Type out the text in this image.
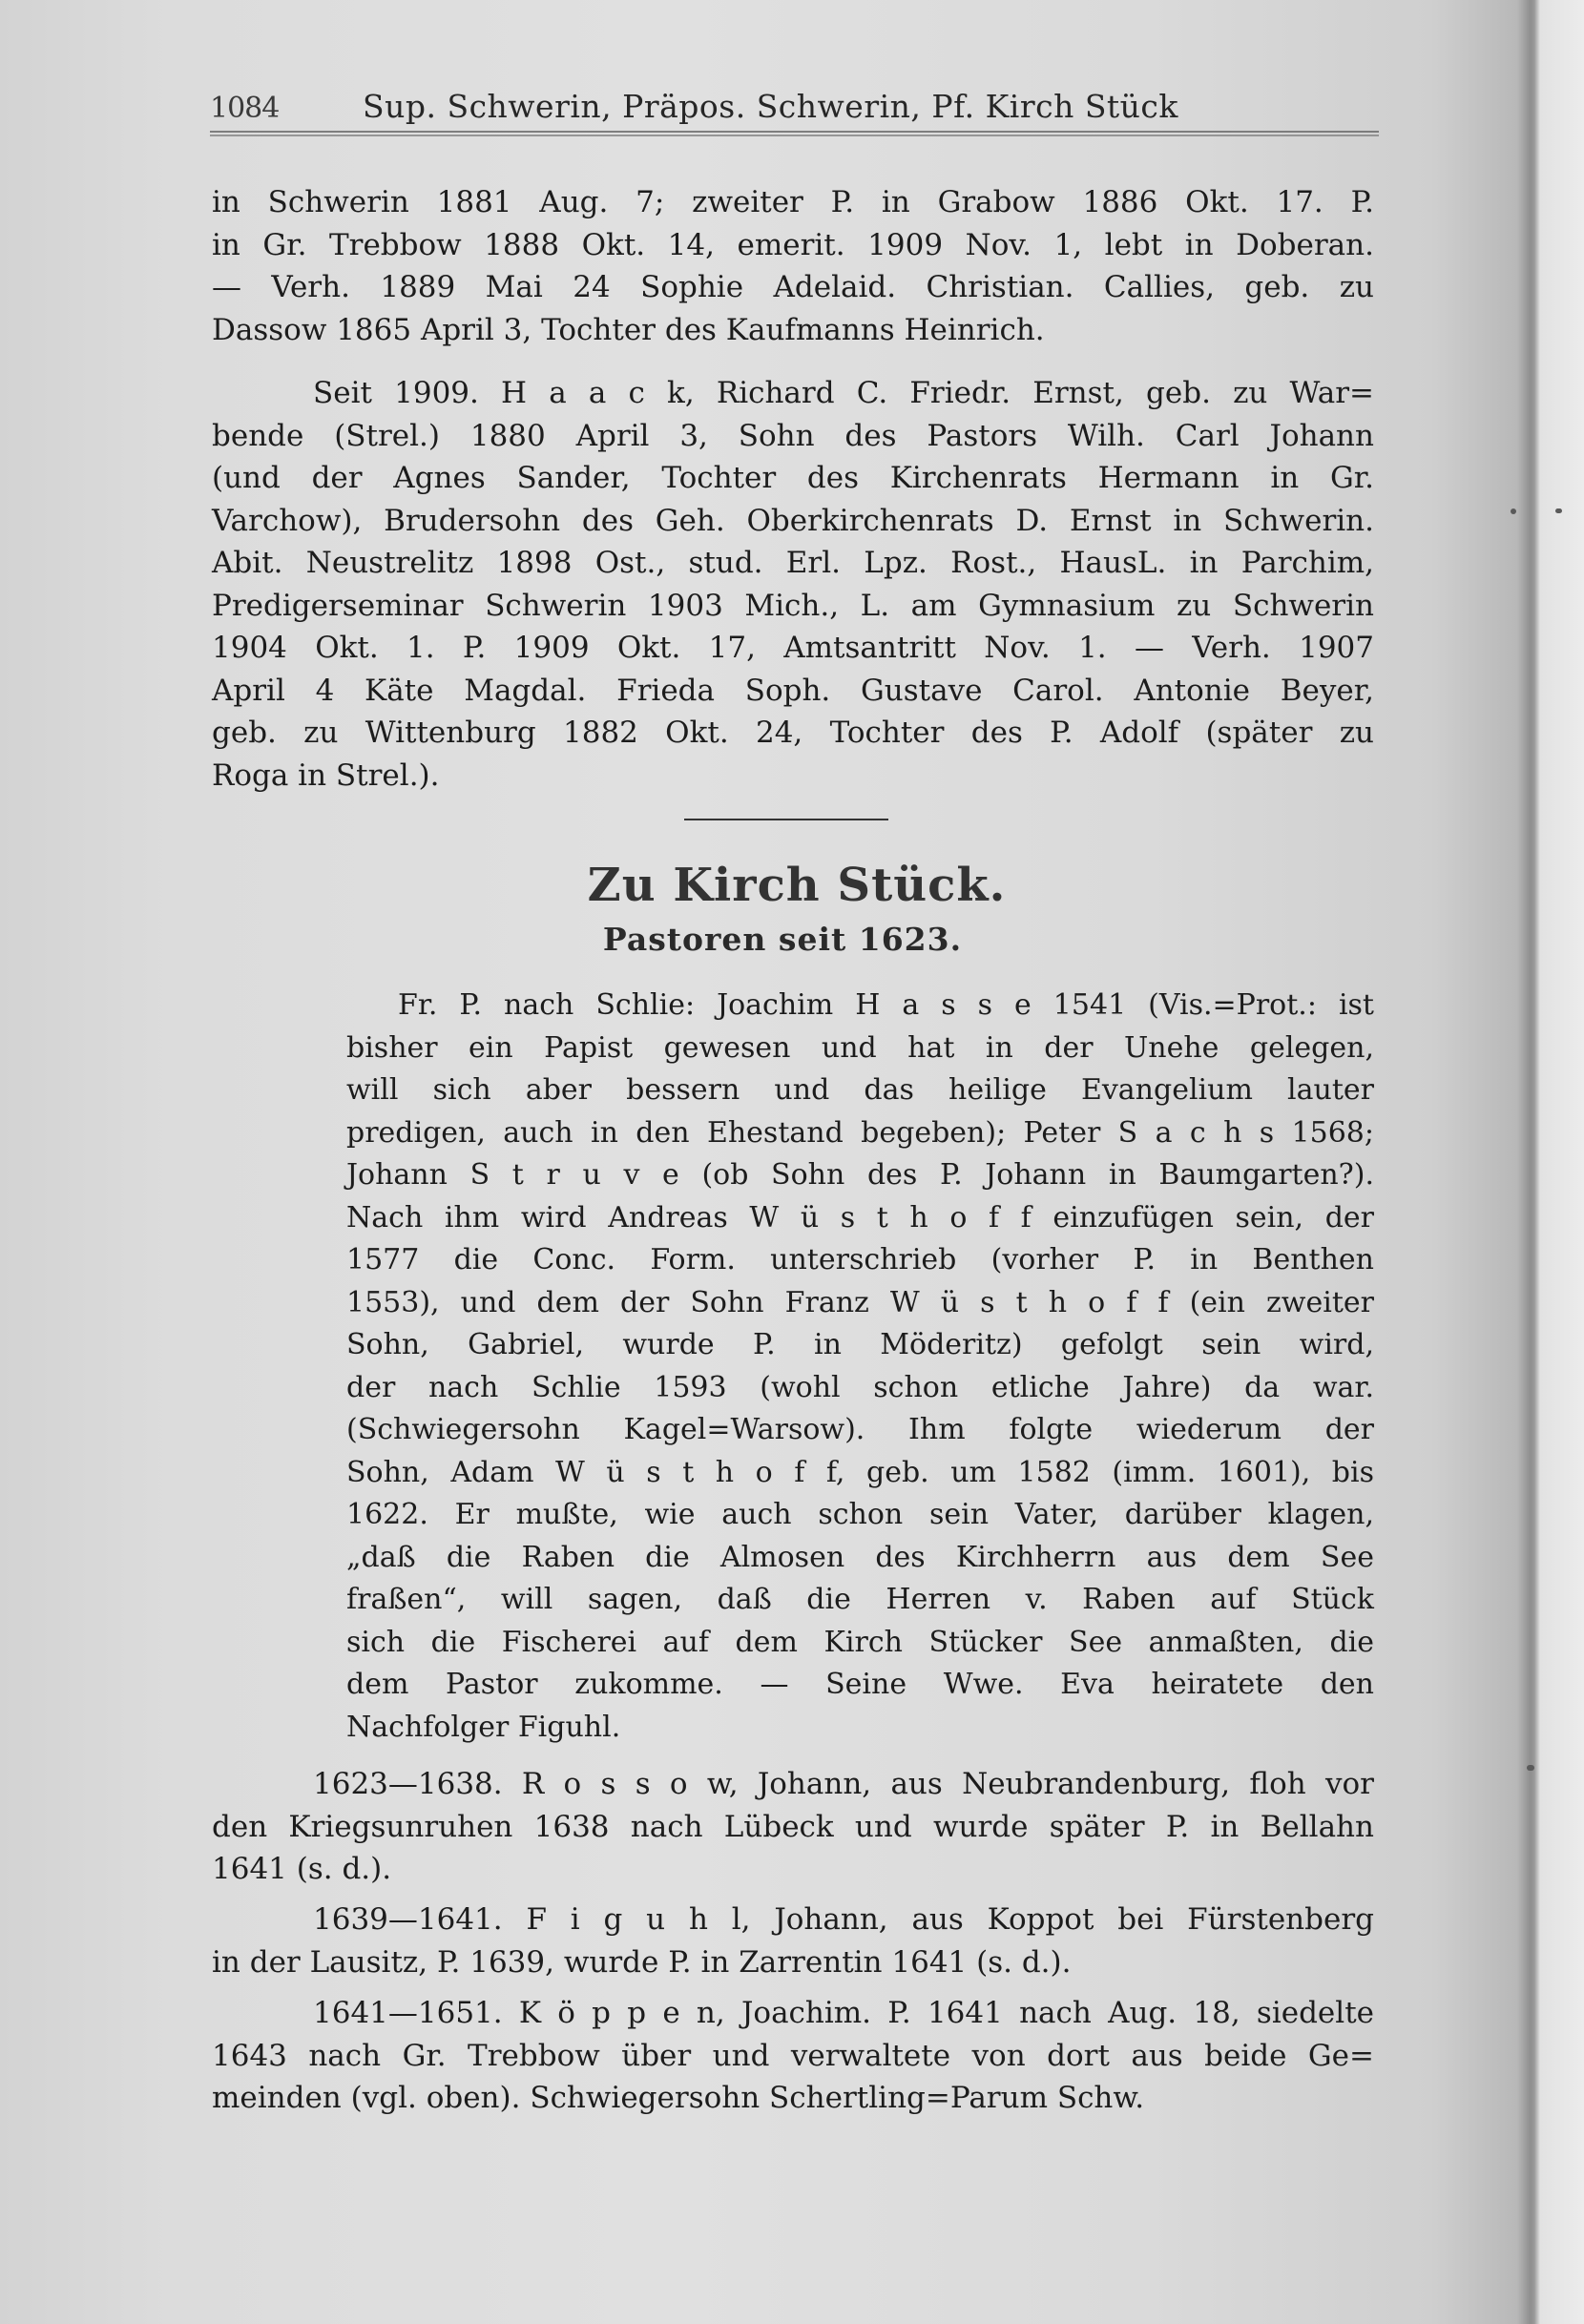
1084	Sup. Schwerin, Präpos. Schwerin, Pf. Kirch Stück
in Schwerin 1881 Aug. 7; zweiter P. in Grabow 1886 Okt. 17. P.
in Gr. Trebbow 1888 Okt. 14, emerit. 1909 Nov. 1, lebt in Doberan.
— Verh. 1889 Mai 24 Sophie Adelaid. Christian. Callies, geb. zu
Dassow 1865 April 3, Tochter des Kaufmanns Heinrich.
Seit 1909. H a a c k, Richard C. Friedr. Ernst, geb. zu War=
bende (Strel.) 1880 April 3, Sohn des Pastors Wilh. Carl Johann
(und der Agnes Sander, Tochter des Kirchenrats Hermann in Gr.
Varchow), Brudersohn des Geh. Oberkirchenrats D. Ernst in Schwerin.
Abit. Neustrelitz 1898 Ost., stud. Erl. Lpz. Rost., HausL. in Parchim,
Predigerseminar Schwerin 1903 Mich., L. am Gymnasium zu Schwerin
1904 Okt. 1. P. 1909 Okt. 17, Amtsantritt Nov. 1. — Verh. 1907
April 4 Käte Magdal. Frieda Soph. Gustave Carol. Antonie Beyer,
geb. zu Wittenburg 1882 Okt. 24, Tochter des P. Adolf (später zu
Roga in Strel.).
Zu Kirch Stück.
Pastoren seit 1623.
Fr. P. nach Schlie: Joachim H a s s e 1541 (Vis.=Prot.: ist
bisher ein Papist gewesen und hat in der Unehe gelegen,
will sich aber bessern und das heilige Evangelium lauter
predigen, auch in den Ehestand begeben); Peter S a c h s 1568;
Johann S t r u v e (ob Sohn des P. Johann in Baumgarten?).
Nach ihm wird Andreas W ü s t h o f f einzufügen sein, der
1577 die Conc. Form. unterschrieb (vorher P. in Benthen
1553), und dem der Sohn Franz W ü s t h o f f (ein zweiter
Sohn, Gabriel, wurde P. in Möderitz) gefolgt sein wird,
der nach Schlie 1593 (wohl schon etliche Jahre) da war.
(Schwiegersohn Kagel=Warsow). Ihm folgte wiederum der
Sohn, Adam W ü s t h o f f, geb. um 1582 (imm. 1601), bis
1622. Er mußte, wie auch schon sein Vater, darüber klagen,
„daß die Raben die Almosen des Kirchherrn aus dem See
fraßen“, will sagen, daß die Herren v. Raben auf Stück
sich die Fischerei auf dem Kirch Stücker See anmaßten, die
dem Pastor zukomme. — Seine Wwe. Eva heiratete den
Nachfolger Figuhl.
1623—1638. R o s s o w, Johann, aus Neubrandenburg, floh vor
den Kriegsunruhen 1638 nach Lübeck und wurde später P. in Bellahn
1641 (s. d.).
1639—1641. F i g u h l, Johann, aus Koppot bei Fürstenberg
in der Lausitz, P. 1639, wurde P. in Zarrentin 1641 (s. d.).
1641—1651. K ö p p e n, Joachim. P. 1641 nach Aug. 18, siedelte
1643 nach Gr. Trebbow über und verwaltete von dort aus beide Ge=
meinden (vgl. oben). Schwiegersohn Schertling=Parum Schw.
